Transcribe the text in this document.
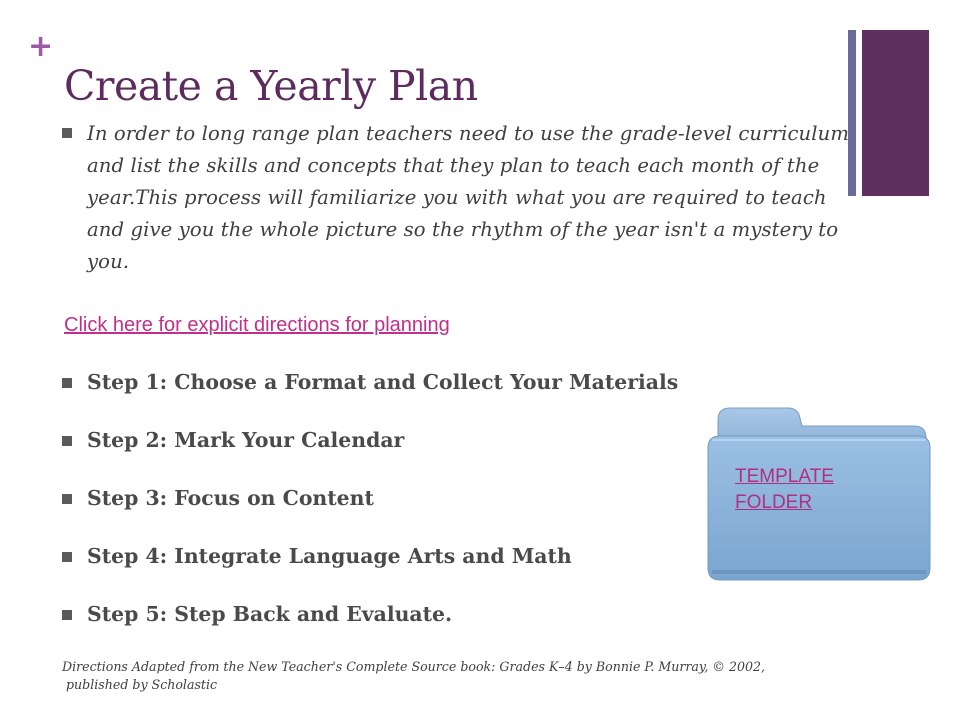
+
Create a Yearly Plan
In order to long range plan teachers need to use the grade-level curriculum and list the skills and concepts that they plan to teach each month of the year.This process will familiarize you with what you are required to teach and give you the whole picture so the rhythm of the year isn't a mystery to you.
Click here for explicit directions for planning
Step 1: Choose a Format and Collect Your Materials
Step 2: Mark Your Calendar
Step 3: Focus on Content
Step 4: Integrate Language Arts and Math
Step 5: Step Back and Evaluate.
TEMPLATE
FOLDER
Directions Adapted from the New Teacher's Complete Source book: Grades K–4 by Bonnie P. Murray, © 2002,
published by Scholastic
